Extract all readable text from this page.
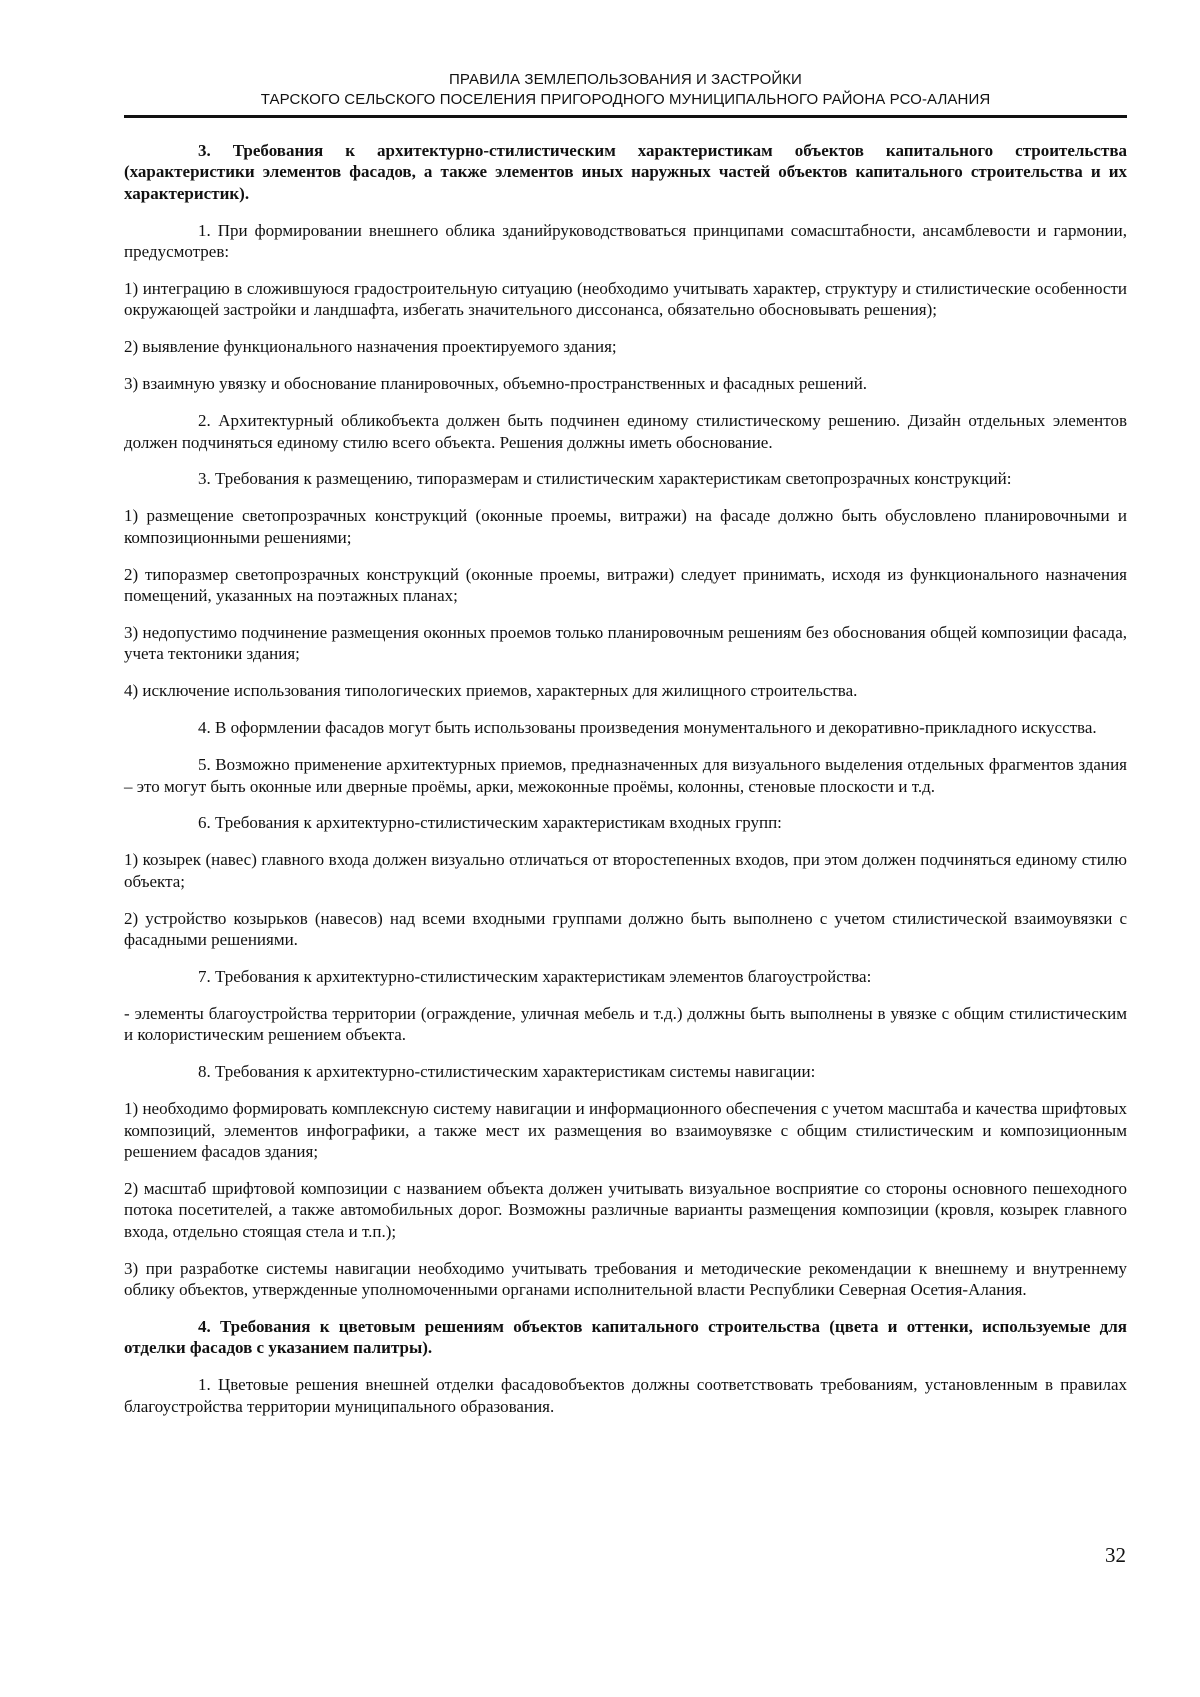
ПРАВИЛА ЗЕМЛЕПОЛЬЗОВАНИЯ И ЗАСТРОЙКИ
ТАРСКОГО СЕЛЬСКОГО ПОСЕЛЕНИЯ ПРИГОРОДНОГО МУНИЦИПАЛЬНОГО РАЙОНА РСО-АЛАНИЯ

3. Требования к архитектурно-стилистическим характеристикам объектов капитального строительства (характеристики элементов фасадов, а также элементов иных наружных частей объектов капитального строительства и их характеристик).

1. При формировании внешнего облика зданийруководствоваться принципами сомасштабности, ансамблевости и гармонии, предусмотрев:

1) интеграцию в сложившуюся градостроительную ситуацию (необходимо учитывать характер, структуру и стилистические особенности окружающей застройки и ландшафта, избегать значительного диссонанса, обязательно обосновывать решения);

2) выявление функционального назначения проектируемого здания;

3) взаимную увязку и обоснование планировочных, объемно-пространственных и фасадных решений.

2. Архитектурный обликобъекта должен быть подчинен единому стилистическому решению. Дизайн отдельных элементов должен подчиняться единому стилю всего объекта. Решения должны иметь обоснование.

3. Требования к размещению, типоразмерам и стилистическим характеристикам светопрозрачных конструкций:

1) размещение светопрозрачных конструкций (оконные проемы, витражи) на фасаде должно быть обусловлено планировочными и композиционными решениями;

2) типоразмер светопрозрачных конструкций (оконные проемы, витражи) следует принимать, исходя из функционального назначения помещений, указанных на поэтажных планах;

3) недопустимо подчинение размещения оконных проемов только планировочным решениям без обоснования общей композиции фасада, учета тектоники здания;

4) исключение использования типологических приемов, характерных для жилищного строительства.

4. В оформлении фасадов могут быть использованы произведения монументального и декоративно-прикладного искусства.

5. Возможно применение архитектурных приемов, предназначенных для визуального выделения отдельных фрагментов здания – это могут быть оконные или дверные проёмы, арки, межоконные проёмы, колонны, стеновые плоскости и т.д.

6. Требования к архитектурно-стилистическим характеристикам входных групп:

1) козырек (навес) главного входа должен визуально отличаться от второстепенных входов, при этом должен подчиняться единому стилю объекта;

2) устройство козырьков (навесов) над всеми входными группами должно быть выполнено с учетом стилистической взаимоувязки с фасадными решениями.

7. Требования к архитектурно-стилистическим характеристикам элементов благоустройства:

- элементы благоустройства территории (ограждение, уличная мебель и т.д.) должны быть выполнены в увязке с общим стилистическим и колористическим решением объекта.

8. Требования к архитектурно-стилистическим характеристикам системы навигации:

1) необходимо формировать комплексную систему навигации и информационного обеспечения с учетом масштаба и качества шрифтовых композиций, элементов инфографики, а также мест их размещения во взаимоувязке с общим стилистическим и композиционным решением фасадов здания;

2) масштаб шрифтовой композиции с названием объекта должен учитывать визуальное восприятие со стороны основного пешеходного потока посетителей, а также автомобильных дорог. Возможны различные варианты размещения композиции (кровля, козырек главного входа, отдельно стоящая стела и т.п.);

3) при разработке системы навигации необходимо учитывать требования и методические рекомендации к внешнему и внутреннему облику объектов, утвержденные уполномоченными органами исполнительной власти Республики Северная Осетия-Алания.

4. Требования к цветовым решениям объектов капитального строительства (цвета и оттенки, используемые для отделки фасадов с указанием палитры).

1. Цветовые решения внешней отделки фасадовобъектов должны соответствовать требованиям, установленным в правилах благоустройства территории муниципального образования.

32
